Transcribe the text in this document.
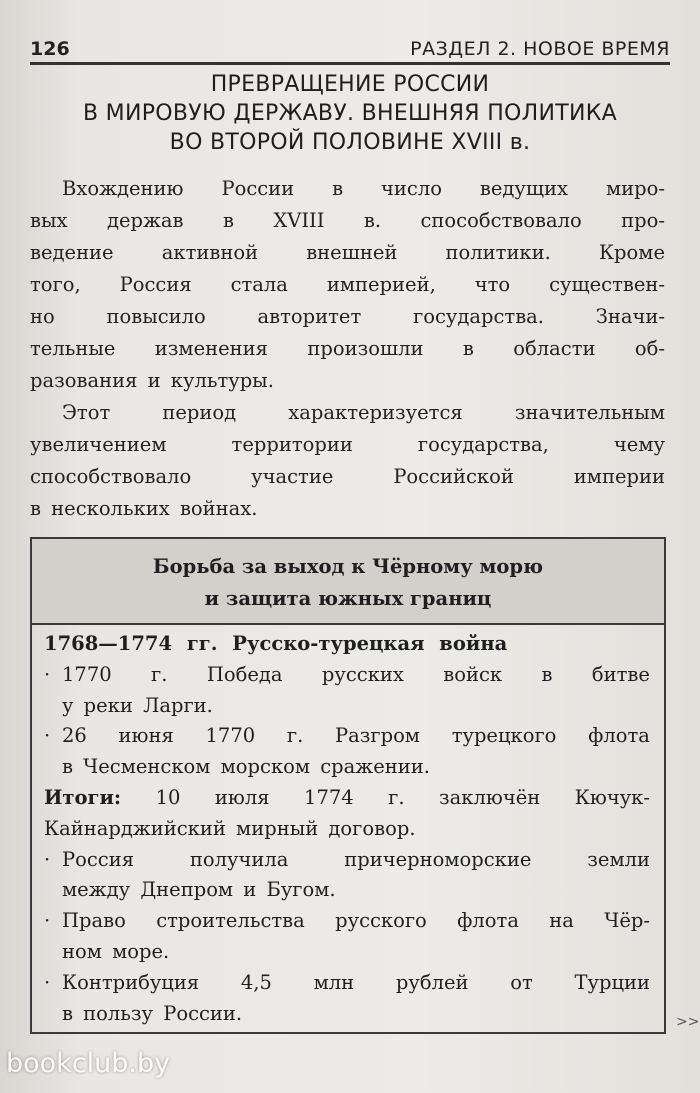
126	РАЗДЕЛ 2. НОВОЕ ВРЕМЯ
ПРЕВРАЩЕНИЕ РОССИИ
В МИРОВУЮ ДЕРЖАВУ. ВНЕШНЯЯ ПОЛИТИКА
ВО ВТОРОЙ ПОЛОВИНЕ XVIII в.
Вхождению России в число ведущих миро-
вых держав в XVIII в. способствовало про-
ведение активной внешней политики. Кроме
того, Россия стала империей, что существен-
но	повысило	авторитет	государства.	Значи-
тельные изменения произошли в области об-
разования и культуры.
Этот	период	характеризуется	значительным
увеличением	территории	государства,	чему
способствовало	участие	Российской	империи
в нескольких войнах.
Борьба за выход к Чёрному морю
и защита южных границ
1768—1774 гг. Русско-турецкая война
· 1770 г. Победа русских войск в битве
у реки Ларги.
· 26 июня 1770 г. Разгром турецкого флота
в Чесменском морском сражении.
Итоги: 10 июля 1774 г. заключён Кючук-
Кайнарджийский мирный договор.
· Россия	получила	причерноморские	земли
между Днепром и Бугом.
· Право строительства русского флота на Чёр-
ном море.
· Контрибуция 4,5 млн рублей от Турции
в пользу России.	>>
bookclub.by
